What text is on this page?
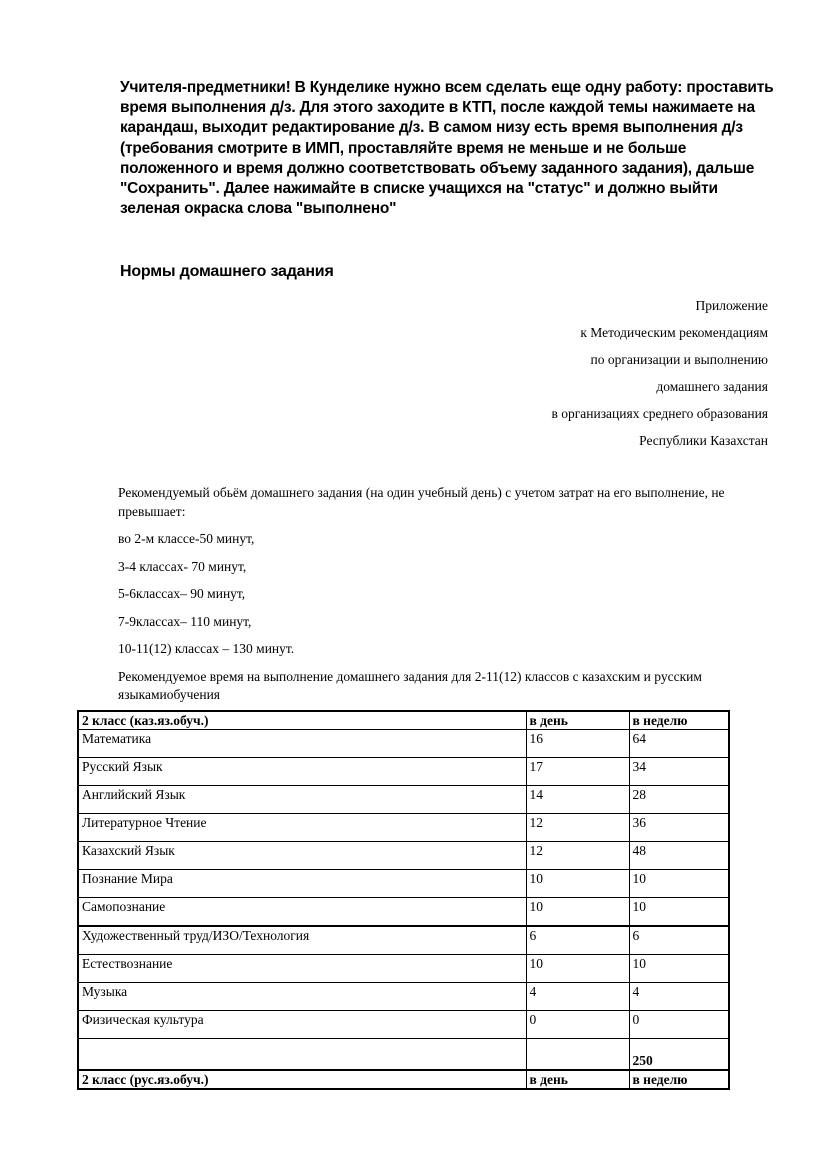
Учителя-предметники! В Кунделике нужно всем сделать еще одну работу: проставить время выполнения д/з. Для этого заходите в КТП, после каждой темы нажимаете на карандаш, выходит редактирование д/з. В самом низу есть время выполнения д/з (требования смотрите в ИМП, проставляйте время не меньше и не больше положенного и время должно соответствовать объему заданного задания), дальше "Сохранить". Далее нажимайте в списке учащихся на "статус" и должно выйти зеленая окраска слова "выполнено"
Нормы домашнего задания
Приложение
к Методическим рекомендациям
по организации и выполнению
домашнего задания
в организациях среднего образования
Республики Казахстан

Рекомендуемый обьём домашнего задания (на один учебный день) с учетом затрат на его выполнение, не превышает:

во 2-м классе-50 минут,

3-4 классах- 70 минут,

5-6классах– 90 минут,

7-9классах– 110 минут,

10-11(12) классах – 130 минут.

Рекомендуемое время на выполнение домашнего задания для 2-11(12) классов с казахским и русским языкамиобучения

2 класс (каз.яз.обуч.)	в день	в неделю
Математика	16	64
Русский Язык	17	34
Английский Язык	14	28
Литературное Чтение	12	36
Казахский Язык	12	48
Познание Мира	10	10
Самопознание	10	10
Художественный труд/ИЗО/Технология	6	6
Естествознание	10	10
Музыка	4	4
Физическая культура	0	0
		250
2 класс (рус.яз.обуч.)	в день	в неделю
